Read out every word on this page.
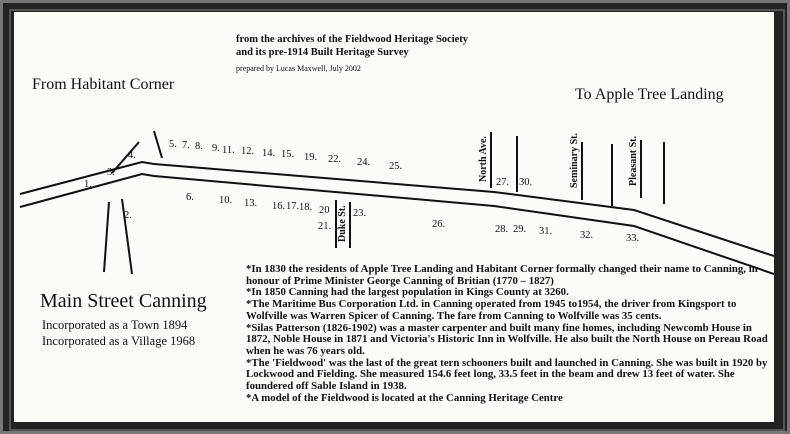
North Ave.	Seminary St.	Pleasant St.
Duke St.
1.
3.
4.
5. 7. 8. 9. 11. 12. 14. 15. 19. 22. 24. 25.
27. 30.
2.
6. 10. 13. 16. 17. 18. 20
21.
23.
26.	28. 29. 31.	32.	33.
from the archives of the Fieldwood Heritage Society
and its pre-1914 Built Heritage Survey
prepared by Lucas Maxwell, July 2002
From Habitant Corner
To Apple Tree Landing
Main Street Canning
Incorporated as a Town 1894
Incorporated as a Village 1968
*In 1830 the residents of Apple Tree Landing and Habitant Corner formally changed their name to Canning, in honour of Prime Minister George Canning of Britian (1770 – 1827)
*In 1850 Canning had the largest population in Kings County at 3260.
*The Maritime Bus Corporation Ltd. in Canning operated from 1945 to1954, the driver from Kingsport to Wolfville was Warren Spicer of Canning. The fare from Canning to Wolfville was 35 cents.
*Silas Patterson (1826-1902) was a master carpenter and built many fine homes, including Newcomb House in 1872, Noble House in 1871 and Victoria's Historic Inn in Wolfville. He also built the North House on Pereau Road when he was 76 years old.
*The 'Fieldwood' was the last of the great tern schooners built and launched in Canning. She was built in 1920 by Lockwood and Fielding. She measured 154.6 feet long, 33.5 feet in the beam and drew 13 feet of water. She foundered off Sable Island in 1938.
*A model of the Fieldwood is located at the Canning Heritage Centre
